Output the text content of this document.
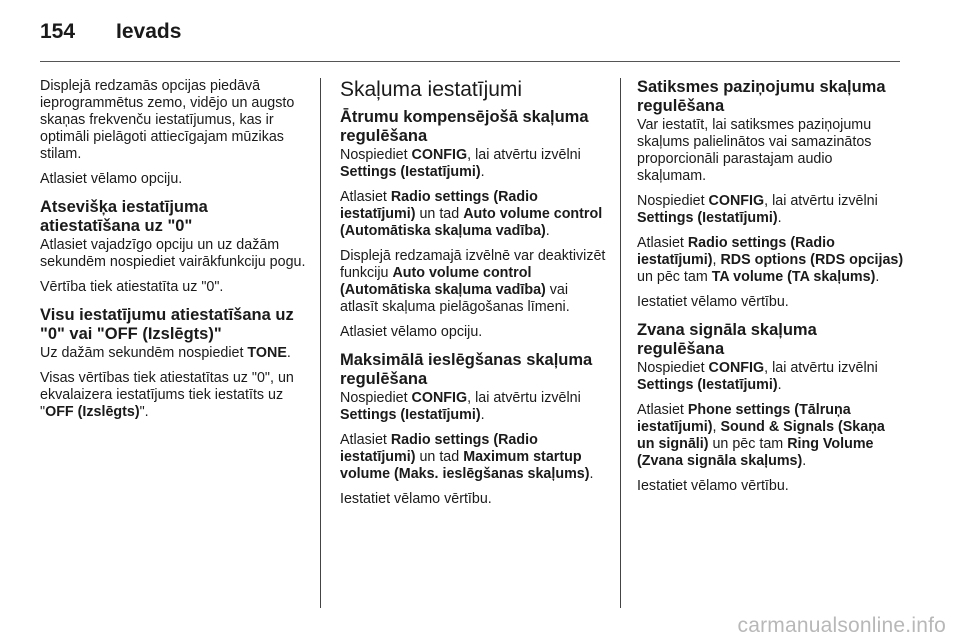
154 Ievads

Displejā redzamās opcijas piedāvā ieprogrammētus zemo, vidējo un augsto skaņas frekvenču iestatījumus, kas ir optimāli pielāgoti attiecīgajam mūzikas stilam.

Atlasiet vēlamo opciju.

Atsevišķa iestatījuma atiestatīšana uz "0"

Atlasiet vajadzīgo opciju un uz dažām sekundēm nospiediet vairākfunkciju pogu.

Vērtība tiek atiestatīta uz "0".

Visu iestatījumu atiestatīšana uz "0" vai "OFF (Izslēgts)"

Uz dažām sekundēm nospiediet TONE.

Visas vērtības tiek atiestatītas uz "0", un ekvalaizera iestatījums tiek iestatīts uz "OFF (Izslēgts)".

Skaļuma iestatījumi
Ātrumu kompensējošā skaļuma regulēšana

Nospiediet CONFIG, lai atvērtu izvēlni Settings (Iestatījumi).

Atlasiet Radio settings (Radio iestatījumi) un tad Auto volume control (Automātiska skaļuma vadība).

Displejā redzamajā izvēlnē var deaktivizēt funkciju Auto volume control (Automātiska skaļuma vadība) vai atlasīt skaļuma pielāgošanas līmeni.

Atlasiet vēlamo opciju.

Maksimālā ieslēgšanas skaļuma regulēšana

Nospiediet CONFIG, lai atvērtu izvēlni Settings (Iestatījumi).

Atlasiet Radio settings (Radio iestatījumi) un tad Maximum startup volume (Maks. ieslēgšanas skaļums).

Iestatiet vēlamo vērtību.

Satiksmes paziņojumu skaļuma regulēšana

Var iestatīt, lai satiksmes paziņojumu skaļums palielinātos vai samazinātos proporcionāli parastajam audio skaļumam.

Nospiediet CONFIG, lai atvērtu izvēlni Settings (Iestatījumi).

Atlasiet Radio settings (Radio iestatījumi), RDS options (RDS opcijas) un pēc tam TA volume (TA skaļums).

Iestatiet vēlamo vērtību.

Zvana signāla skaļuma regulēšana

Nospiediet CONFIG, lai atvērtu izvēlni Settings (Iestatījumi).

Atlasiet Phone settings (Tālruņa iestatījumi), Sound & Signals (Skaņa un signāli) un pēc tam Ring Volume (Zvana signāla skaļums).

Iestatiet vēlamo vērtību.

carmanualsonline.info
